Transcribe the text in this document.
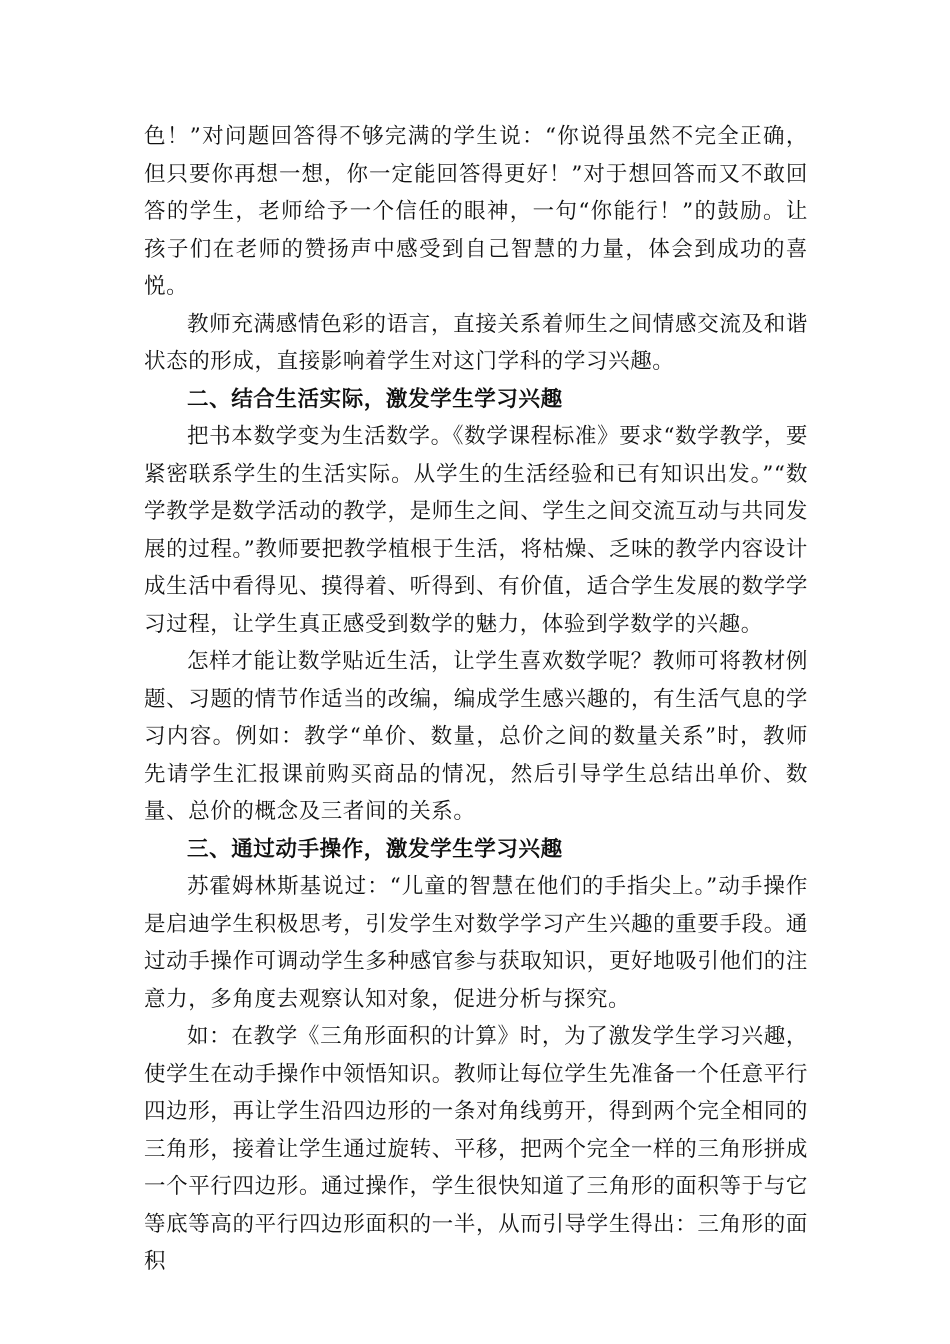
色！”对问题回答得不够完满的学生说：“你说得虽然不完全正确，但只要你再想一想，你一定能回答得更好！”对于想回答而又不敢回答的学生，老师给予一个信任的眼神，一句“你能行！”的鼓励。让孩子们在老师的赞扬声中感受到自己智慧的力量，体会到成功的喜悦。

教师充满感情色彩的语言，直接关系着师生之间情感交流及和谐状态的形成，直接影响着学生对这门学科的学习兴趣。

二、结合生活实际，激发学生学习兴趣

把书本数学变为生活数学。《数学课程标准》要求“数学教学，要紧密联系学生的生活实际。从学生的生活经验和已有知识出发。”“数学教学是数学活动的教学，是师生之间、学生之间交流互动与共同发展的过程。”教师要把教学植根于生活，将枯燥、乏味的教学内容设计成生活中看得见、摸得着、听得到、有价值，适合学生发展的数学学习过程，让学生真正感受到数学的魅力，体验到学数学的兴趣。

怎样才能让数学贴近生活，让学生喜欢数学呢？教师可将教材例题、习题的情节作适当的改编，编成学生感兴趣的，有生活气息的学习内容。例如：教学“单价、数量，总价之间的数量关系”时，教师先请学生汇报课前购买商品的情况，然后引导学生总结出单价、数量、总价的概念及三者间的关系。

三、通过动手操作，激发学生学习兴趣

苏霍姆林斯基说过：“儿童的智慧在他们的手指尖上。”动手操作是启迪学生积极思考，引发学生对数学学习产生兴趣的重要手段。通过动手操作可调动学生多种感官参与获取知识，更好地吸引他们的注意力，多角度去观察认知对象，促进分析与探究。

如：在教学《三角形面积的计算》时，为了激发学生学习兴趣，使学生在动手操作中领悟知识。教师让每位学生先准备一个任意平行四边形，再让学生沿四边形的一条对角线剪开，得到两个完全相同的三角形，接着让学生通过旋转、平移，把两个完全一样的三角形拼成一个平行四边形。通过操作，学生很快知道了三角形的面积等于与它等底等高的平行四边形面积的一半，从而引导学生得出：三角形的面积
